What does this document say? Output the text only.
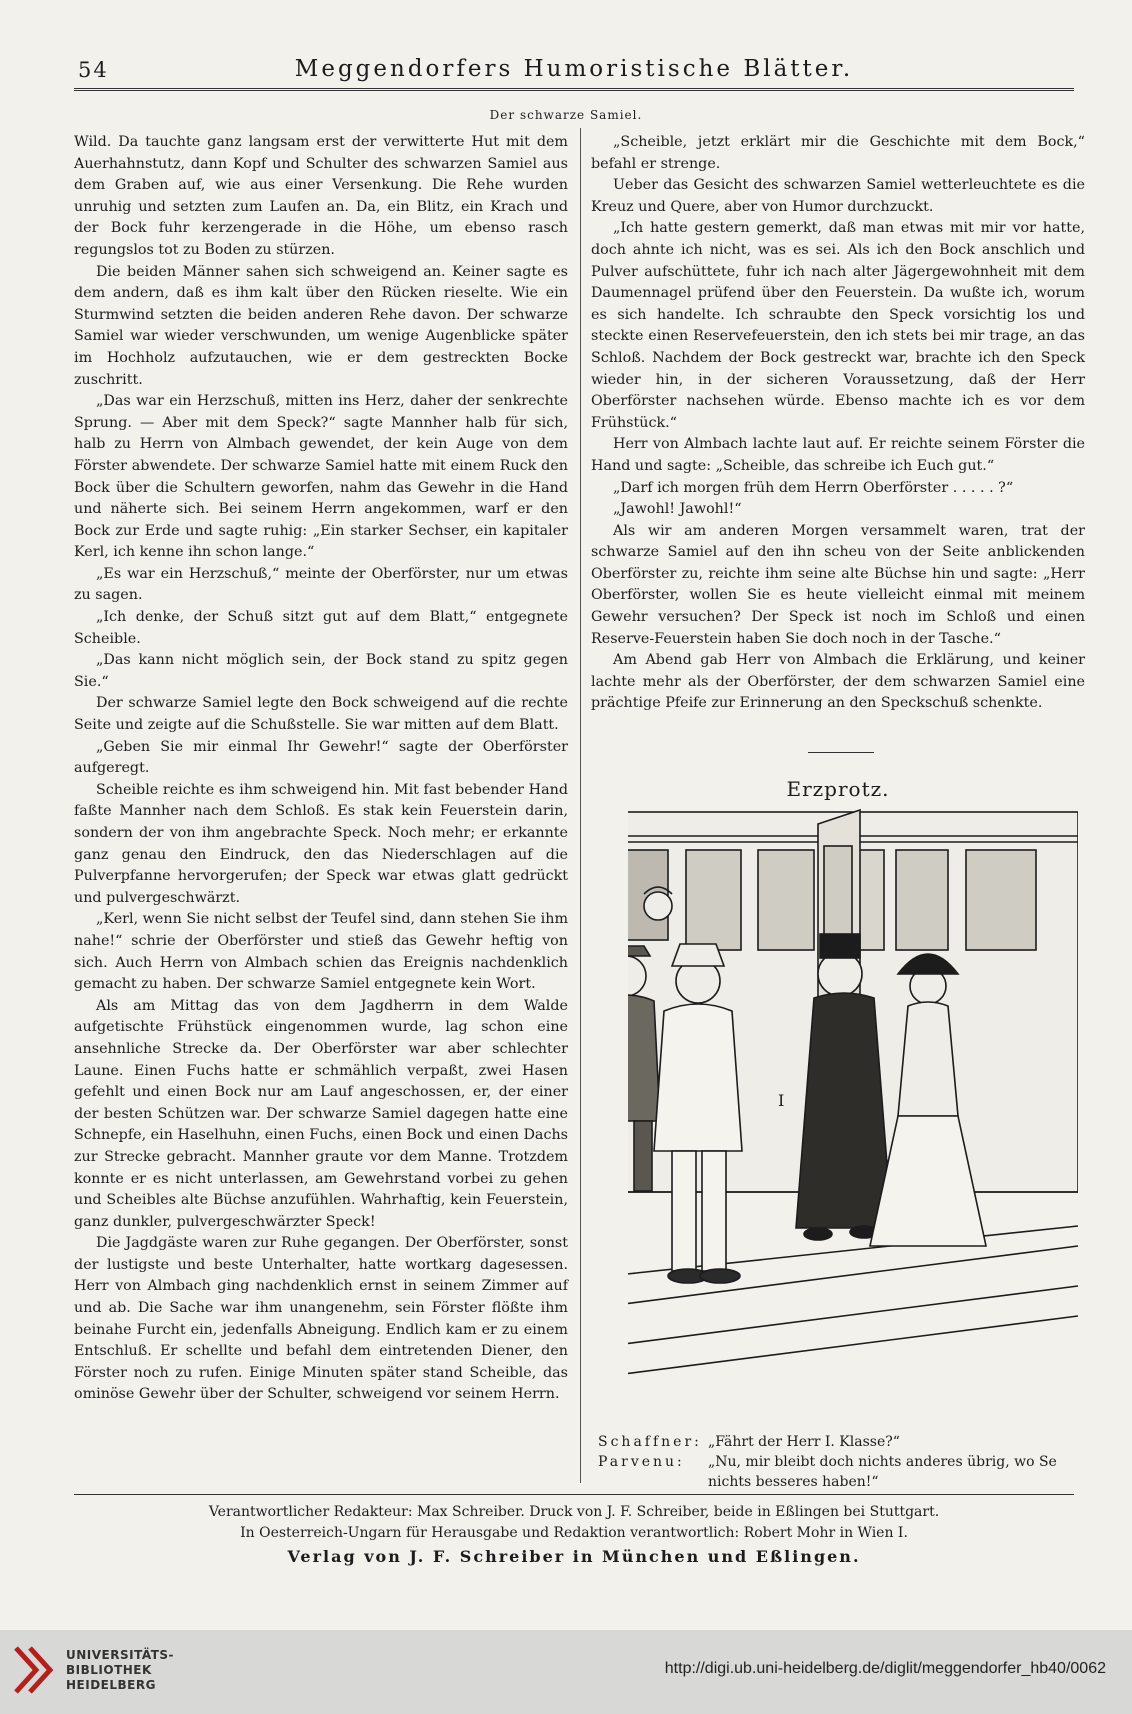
54	Meggendorfers Humoristische Blätter.
Der schwarze Samiel.

Wild. Da tauchte ganz langsam erst der verwitterte Hut mit dem Auerhahnstutz, dann Kopf und Schulter des schwarzen Samiel aus dem Graben auf, wie aus einer Versenkung. Die Rehe wurden unruhig und setzten zum Laufen an. Da, ein Blitz, ein Krach und der Bock fuhr kerzengerade in die Höhe, um ebenso rasch regungslos tot zu Boden zu stürzen.

Die beiden Männer sahen sich schweigend an. Keiner sagte es dem andern, daß es ihm kalt über den Rücken rieselte. Wie ein Sturmwind setzten die beiden anderen Rehe davon. Der schwarze Samiel war wieder verschwunden, um wenige Augenblicke später im Hochholz aufzutauchen, wie er dem gestreckten Bocke zuschritt.

„Das war ein Herzschuß, mitten ins Herz, daher der senkrechte Sprung. — Aber mit dem Speck?“ sagte Mannher halb für sich, halb zu Herrn von Almbach gewendet, der kein Auge von dem Förster abwendete. Der schwarze Samiel hatte mit einem Ruck den Bock über die Schultern geworfen, nahm das Gewehr in die Hand und näherte sich. Bei seinem Herrn angekommen, warf er den Bock zur Erde und sagte ruhig: „Ein starker Sechser, ein kapitaler Kerl, ich kenne ihn schon lange.“

„Es war ein Herzschuß,“ meinte der Oberförster, nur um etwas zu sagen.

„Ich denke, der Schuß sitzt gut auf dem Blatt,“ entgegnete Scheible.

„Das kann nicht möglich sein, der Bock stand zu spitz gegen Sie.“

Der schwarze Samiel legte den Bock schweigend auf die rechte Seite und zeigte auf die Schußstelle. Sie war mitten auf dem Blatt.

„Geben Sie mir einmal Ihr Gewehr!“ sagte der Oberförster aufgeregt.

Scheible reichte es ihm schweigend hin. Mit fast bebender Hand faßte Mannher nach dem Schloß. Es stak kein Feuerstein darin, sondern der von ihm angebrachte Speck. Noch mehr; er erkannte ganz genau den Eindruck, den das Niederschlagen auf die Pulverpfanne hervorgerufen; der Speck war etwas glatt gedrückt und pulvergeschwärzt.

„Kerl, wenn Sie nicht selbst der Teufel sind, dann stehen Sie ihm nahe!“ schrie der Oberförster und stieß das Gewehr heftig von sich. Auch Herrn von Almbach schien das Ereignis nachdenklich gemacht zu haben. Der schwarze Samiel entgegnete kein Wort.

Als am Mittag das von dem Jagdherrn in dem Walde aufgetischte Frühstück eingenommen wurde, lag schon eine ansehnliche Strecke da. Der Oberförster war aber schlechter Laune. Einen Fuchs hatte er schmählich verpaßt, zwei Hasen gefehlt und einen Bock nur am Lauf angeschossen, er, der einer der besten Schützen war. Der schwarze Samiel dagegen hatte eine Schnepfe, ein Haselhuhn, einen Fuchs, einen Bock und einen Dachs zur Strecke gebracht. Mannher graute vor dem Manne. Trotzdem konnte er es nicht unterlassen, am Gewehrstand vorbei zu gehen und Scheibles alte Büchse anzufühlen. Wahrhaftig, kein Feuerstein, ganz dunkler, pulvergeschwärzter Speck!

Die Jagdgäste waren zur Ruhe gegangen. Der Oberförster, sonst der lustigste und beste Unterhalter, hatte wortkarg dagesessen. Herr von Almbach ging nachdenklich ernst in seinem Zimmer auf und ab. Die Sache war ihm unangenehm, sein Förster flößte ihm beinahe Furcht ein, jedenfalls Abneigung. Endlich kam er zu einem Entschluß. Er schellte und befahl dem eintretenden Diener, den Förster noch zu rufen. Einige Minuten später stand Scheible, das ominöse Gewehr über der Schulter, schweigend vor seinem Herrn.

„Scheible, jetzt erklärt mir die Geschichte mit dem Bock,“ befahl er strenge.

Ueber das Gesicht des schwarzen Samiel wetterleuchtete es die Kreuz und Quere, aber von Humor durchzuckt.

„Ich hatte gestern gemerkt, daß man etwas mit mir vor hatte, doch ahnte ich nicht, was es sei. Als ich den Bock anschlich und Pulver aufschüttete, fuhr ich nach alter Jägergewohnheit mit dem Daumennagel prüfend über den Feuerstein. Da wußte ich, worum es sich handelte. Ich schraubte den Speck vorsichtig los und steckte einen Reservefeuerstein, den ich stets bei mir trage, an das Schloß. Nachdem der Bock gestreckt war, brachte ich den Speck wieder hin, in der sicheren Voraussetzung, daß der Herr Oberförster nachsehen würde. Ebenso machte ich es vor dem Frühstück.“

Herr von Almbach lachte laut auf. Er reichte seinem Förster die Hand und sagte: „Scheible, das schreibe ich Euch gut.“

„Darf ich morgen früh dem Herrn Oberförster . . . . . ?“

„Jawohl! Jawohl!“

Als wir am anderen Morgen versammelt waren, trat der schwarze Samiel auf den ihn scheu von der Seite anblickenden Oberförster zu, reichte ihm seine alte Büchse hin und sagte: „Herr Oberförster, wollen Sie es heute vielleicht einmal mit meinem Gewehr versuchen? Der Speck ist noch im Schloß und einen Reserve-Feuerstein haben Sie doch noch in der Tasche.“

Am Abend gab Herr von Almbach die Erklärung, und keiner lachte mehr als der Oberförster, der dem schwarzen Samiel eine prächtige Pfeife zur Erinnerung an den Speckschuß schenkte.

Erzprotz.
I
Schaffner: „Fährt der Herr I. Klasse?“
Parvenu:	„Nu, mir bleibt doch nichts anderes übrig, wo Se nichts besseres haben!“
Verantwortlicher Redakteur: Max Schreiber. Druck von J. F. Schreiber, beide in Eßlingen bei Stuttgart.
In Oesterreich-Ungarn für Herausgabe und Redaktion verantwortlich: Robert Mohr in Wien I.
Verlag von J. F. Schreiber in München und Eßlingen.
UNIVERSITÄTS-
BIBLIOTHEK
HEIDELBERG
http://digi.ub.uni-heidelberg.de/diglit/meggendorfer_hb40/0062
